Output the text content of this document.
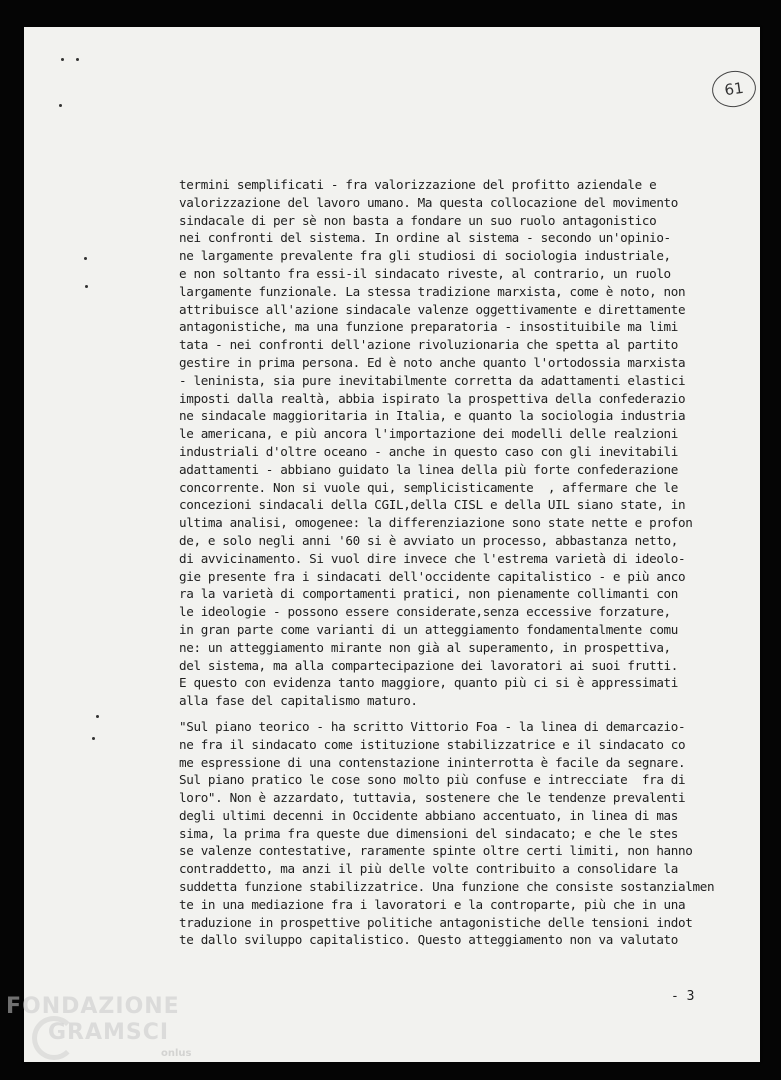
61
termini semplificati - fra valorizzazione del profitto aziendale e
valorizzazione del lavoro umano. Ma questa collocazione del movimento
sindacale di per sè non basta a fondare un suo ruolo antagonistico
nei confronti del sistema. In ordine al sistema - secondo un'opinio-
ne largamente prevalente fra gli studiosi di sociologia industriale,
e non soltanto fra essi-il sindacato riveste, al contrario, un ruolo
largamente funzionale. La stessa tradizione marxista, come è noto, non
attribuisce all'azione sindacale valenze oggettivamente e direttamente
antagonistiche, ma una funzione preparatoria - insostituibile ma limi
tata - nei confronti dell'azione rivoluzionaria che spetta al partito
gestire in prima persona. Ed è noto anche quanto l'ortodossia marxista
- leninista, sia pure inevitabilmente corretta da adattamenti elastici
imposti dalla realtà, abbia ispirato la prospettiva della confederazio
ne sindacale maggioritaria in Italia, e quanto la sociologia industria
le americana, e più ancora l'importazione dei modelli delle realzioni
industriali d'oltre oceano - anche in questo caso con gli inevitabili
adattamenti - abbiano guidato la linea della più forte confederazione
concorrente. Non si vuole qui, semplicisticamente  , affermare che le
concezioni sindacali della CGIL,della CISL e della UIL siano state, in
ultima analisi, omogenee: la differenziazione sono state nette e profon
de, e solo negli anni '60 si è avviato un processo, abbastanza netto,
di avvicinamento. Si vuol dire invece che l'estrema varietà di ideolo-
gie presente fra i sindacati dell'occidente capitalistico - e più anco
ra la varietà di comportamenti pratici, non pienamente collimanti con
le ideologie - possono essere considerate,senza eccessive forzature,
in gran parte come varianti di un atteggiamento fondamentalmente comu
ne: un atteggiamento mirante non già al superamento, in prospettiva,
del sistema, ma alla compartecipazione dei lavoratori ai suoi frutti.
E questo con evidenza tanto maggiore, quanto più ci si è appressimati
alla fase del capitalismo maturo.
"Sul piano teorico - ha scritto Vittorio Foa - la linea di demarcazio-
ne fra il sindacato come istituzione stabilizzatrice e il sindacato co
me espressione di una contenstazione ininterrotta è facile da segnare.
Sul piano pratico le cose sono molto più confuse e intrecciate  fra di
loro". Non è azzardato, tuttavia, sostenere che le tendenze prevalenti
degli ultimi decenni in Occidente abbiano accentuato, in linea di mas
sima, la prima fra queste due dimensioni del sindacato; e che le stes
se valenze contestative, raramente spinte oltre certi limiti, non hanno
contraddetto, ma anzi il più delle volte contribuito a consolidare la
suddetta funzione stabilizzatrice. Una funzione che consiste sostanzialmen
te in una mediazione fra i lavoratori e la controparte, più che in una
traduzione in prospettive politiche antagonistiche delle tensioni indot
te dallo sviluppo capitalistico. Questo atteggiamento non va valutato
- 3
FONDAZIONE
GRAMSCI
onlus
